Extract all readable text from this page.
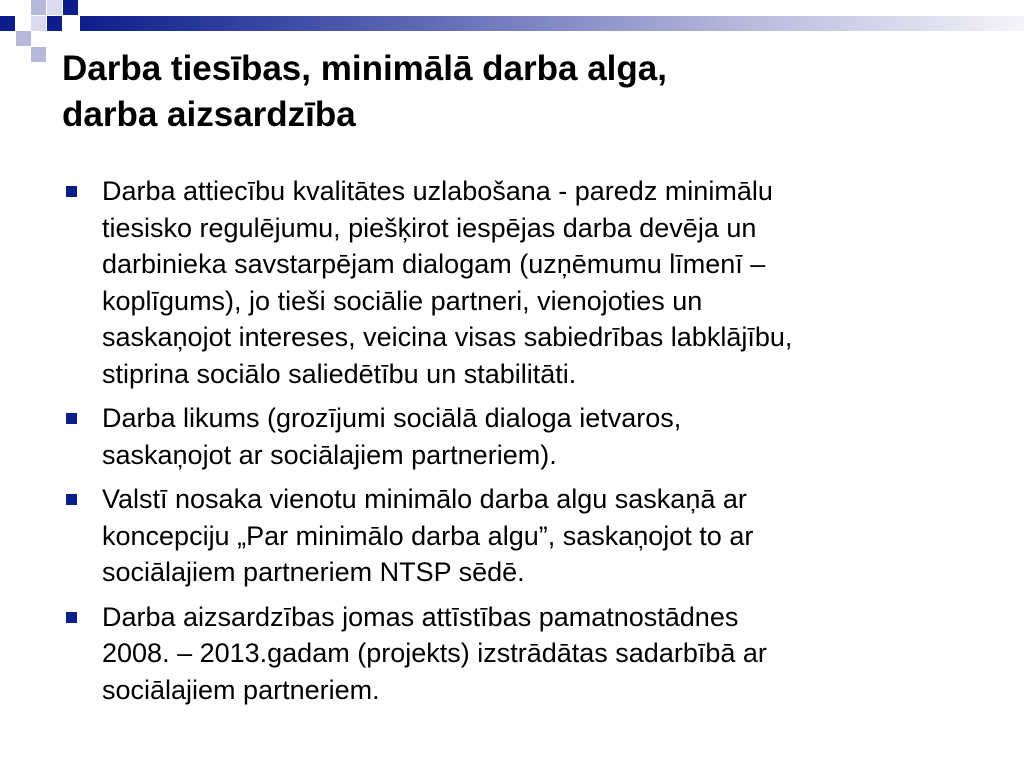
Darba tiesības, minimālā darba alga,
darba aizsardzība
Darba attiecību kvalitātes uzlabošana - paredz minimālu
tiesisko regulējumu, piešķirot iespējas darba devēja un
darbinieka savstarpējam dialogam (uzņēmumu līmenī –
koplīgums), jo tieši sociālie partneri, vienojoties un
saskaņojot intereses, veicina visas sabiedrības labklājību,
stiprina sociālo saliedētību un stabilitāti.
Darba likums (grozījumi sociālā dialoga ietvaros,
saskaņojot ar sociālajiem partneriem).
Valstī nosaka vienotu minimālo darba algu saskaņā ar
koncepciju „Par minimālo darba algu”, saskaņojot to ar
sociālajiem partneriem NTSP sēdē.
Darba aizsardzības jomas attīstības pamatnostādnes
2008. – 2013.gadam (projekts) izstrādātas sadarbībā ar
sociālajiem partneriem.
